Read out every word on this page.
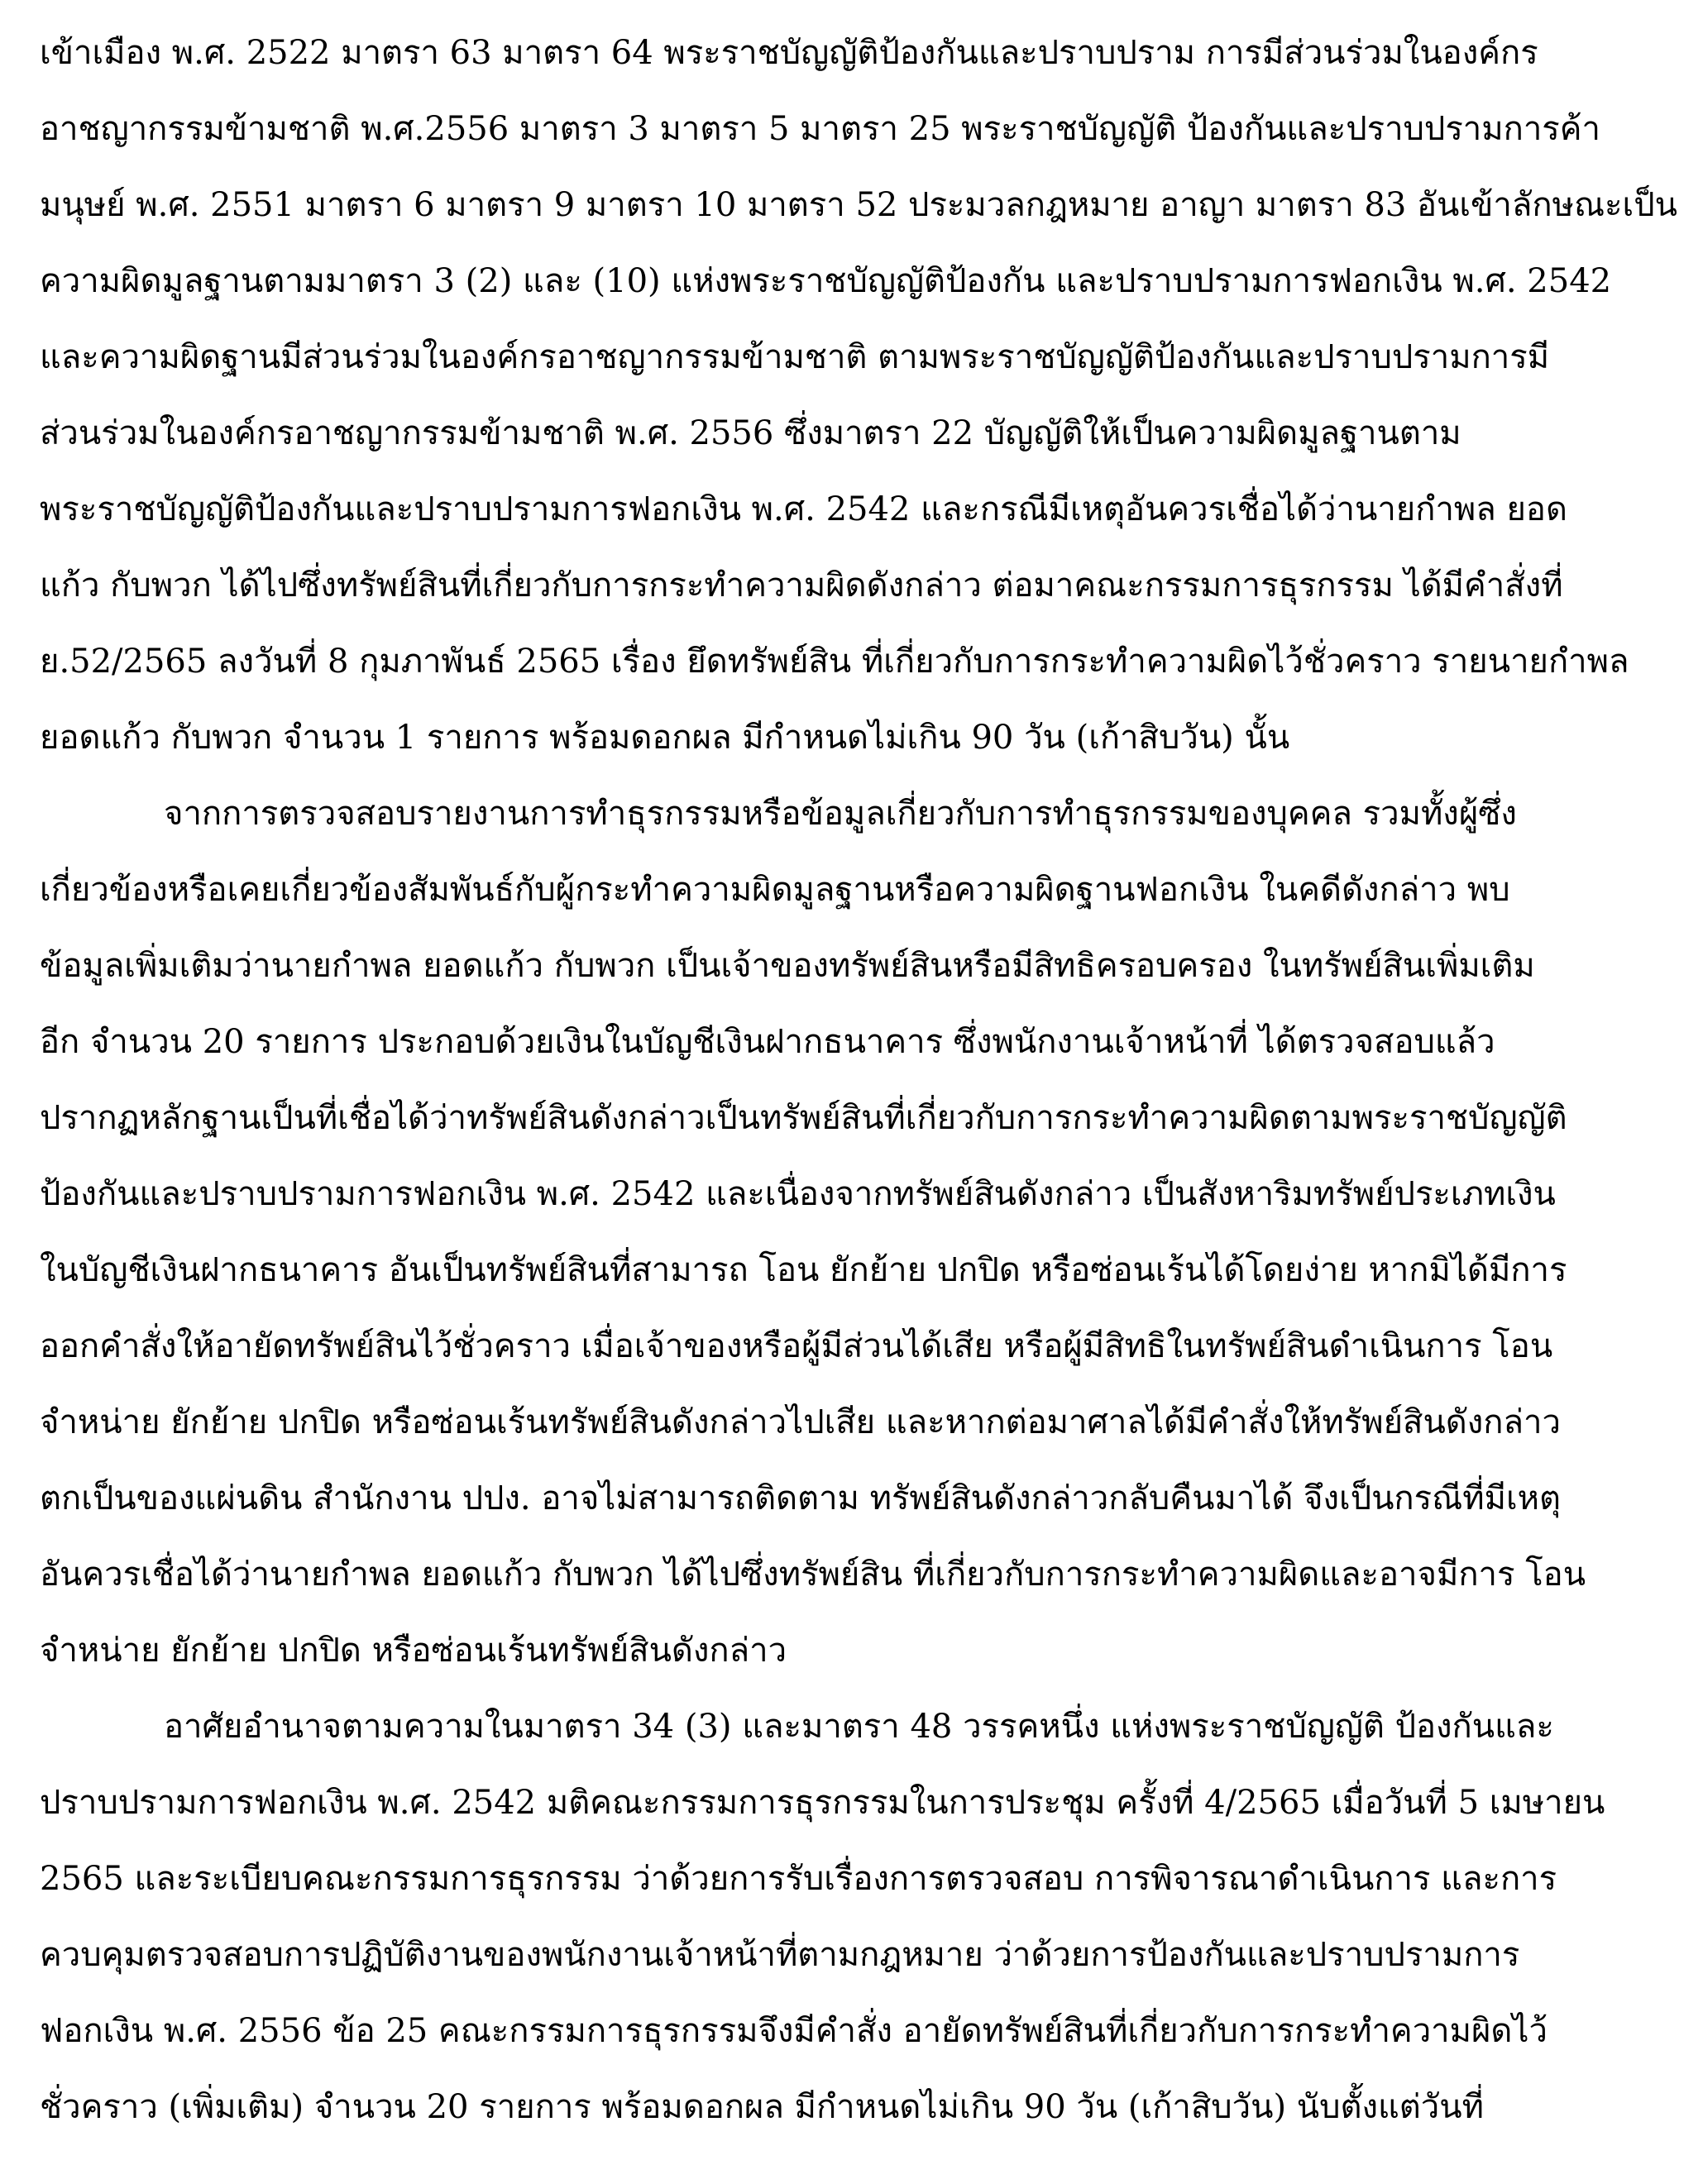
เข้าเมือง พ.ศ. 2522 มาตรา 63 มาตรา 64 พระราชบัญญัติป้องกันและปราบปราม การมีส่วนร่วมในองค์กร
อาชญากรรมข้ามชาติ พ.ศ.2556 มาตรา 3 มาตรา 5 มาตรา 25 พระราชบัญญัติ ป้องกันและปราบปรามการค้า
มนุษย์ พ.ศ. 2551 มาตรา 6 มาตรา 9 มาตรา 10 มาตรา 52 ประมวลกฎหมาย อาญา มาตรา 83 อันเข้าลักษณะเป็น
ความผิดมูลฐานตามมาตรา 3 (2) และ (10) แห่งพระราชบัญญัติป้องกัน และปราบปรามการฟอกเงิน พ.ศ. 2542
และความผิดฐานมีส่วนร่วมในองค์กรอาชญากรรมข้ามชาติ ตามพระราชบัญญัติป้องกันและปราบปรามการมี
ส่วนร่วมในองค์กรอาชญากรรมข้ามชาติ พ.ศ. 2556 ซึ่งมาตรา 22 บัญญัติให้เป็นความผิดมูลฐานตาม
พระราชบัญญัติป้องกันและปราบปรามการฟอกเงิน พ.ศ. 2542 และกรณีมีเหตุอันควรเชื่อได้ว่านายกำพล ยอด
แก้ว กับพวก ได้ไปซึ่งทรัพย์สินที่เกี่ยวกับการกระทำความผิดดังกล่าว ต่อมาคณะกรรมการธุรกรรม ได้มีคำสั่งที่
ย.52/2565 ลงวันที่ 8 กุมภาพันธ์ 2565 เรื่อง ยึดทรัพย์สิน ที่เกี่ยวกับการกระทำความผิดไว้ชั่วคราว รายนายกำพล
ยอดแก้ว กับพวก จำนวน 1 รายการ พร้อมดอกผล มีกำหนดไม่เกิน 90 วัน (เก้าสิบวัน) นั้น
จากการตรวจสอบรายงานการทำธุรกรรมหรือข้อมูลเกี่ยวกับการทำธุรกรรมของบุคคล รวมทั้งผู้ซึ่ง
เกี่ยวข้องหรือเคยเกี่ยวข้องสัมพันธ์กับผู้กระทำความผิดมูลฐานหรือความผิดฐานฟอกเงิน ในคดีดังกล่าว พบ
ข้อมูลเพิ่มเติมว่านายกำพล ยอดแก้ว กับพวก เป็นเจ้าของทรัพย์สินหรือมีสิทธิครอบครอง ในทรัพย์สินเพิ่มเติม
อีก จำนวน 20 รายการ ประกอบด้วยเงินในบัญชีเงินฝากธนาคาร ซึ่งพนักงานเจ้าหน้าที่ ได้ตรวจสอบแล้ว
ปรากฏหลักฐานเป็นที่เชื่อได้ว่าทรัพย์สินดังกล่าวเป็นทรัพย์สินที่เกี่ยวกับการกระทำความผิดตามพระราชบัญญัติ
ป้องกันและปราบปรามการฟอกเงิน พ.ศ. 2542 และเนื่องจากทรัพย์สินดังกล่าว เป็นสังหาริมทรัพย์ประเภทเงิน
ในบัญชีเงินฝากธนาคาร อันเป็นทรัพย์สินที่สามารถ โอน ยักย้าย ปกปิด หรือซ่อนเร้นได้โดยง่าย หากมิได้มีการ
ออกคำสั่งให้อายัดทรัพย์สินไว้ชั่วคราว เมื่อเจ้าของหรือผู้มีส่วนได้เสีย หรือผู้มีสิทธิในทรัพย์สินดำเนินการ โอน
จำหน่าย ยักย้าย ปกปิด หรือซ่อนเร้นทรัพย์สินดังกล่าวไปเสีย และหากต่อมาศาลได้มีคำสั่งให้ทรัพย์สินดังกล่าว
ตกเป็นของแผ่นดิน สำนักงาน ปปง. อาจไม่สามารถติดตาม ทรัพย์สินดังกล่าวกลับคืนมาได้ จึงเป็นกรณีที่มีเหตุ
อันควรเชื่อได้ว่านายกำพล ยอดแก้ว กับพวก ได้ไปซึ่งทรัพย์สิน ที่เกี่ยวกับการกระทำความผิดและอาจมีการ โอน
จำหน่าย ยักย้าย ปกปิด หรือซ่อนเร้นทรัพย์สินดังกล่าว
อาศัยอำนาจตามความในมาตรา 34 (3) และมาตรา 48 วรรคหนึ่ง แห่งพระราชบัญญัติ ป้องกันและ
ปราบปรามการฟอกเงิน พ.ศ. 2542 มติคณะกรรมการธุรกรรมในการประชุม ครั้งที่ 4/2565 เมื่อวันที่ 5 เมษายน
2565 และระเบียบคณะกรรมการธุรกรรม ว่าด้วยการรับเรื่องการตรวจสอบ การพิจารณาดำเนินการ และการ
ควบคุมตรวจสอบการปฏิบัติงานของพนักงานเจ้าหน้าที่ตามกฎหมาย ว่าด้วยการป้องกันและปราบปรามการ
ฟอกเงิน พ.ศ. 2556 ข้อ 25 คณะกรรมการธุรกรรมจึงมีคำสั่ง อายัดทรัพย์สินที่เกี่ยวกับการกระทำความผิดไว้
ชั่วคราว (เพิ่มเติม) จำนวน 20 รายการ พร้อมดอกผล มีกำหนดไม่เกิน 90 วัน (เก้าสิบวัน) นับตั้งแต่วันที่
